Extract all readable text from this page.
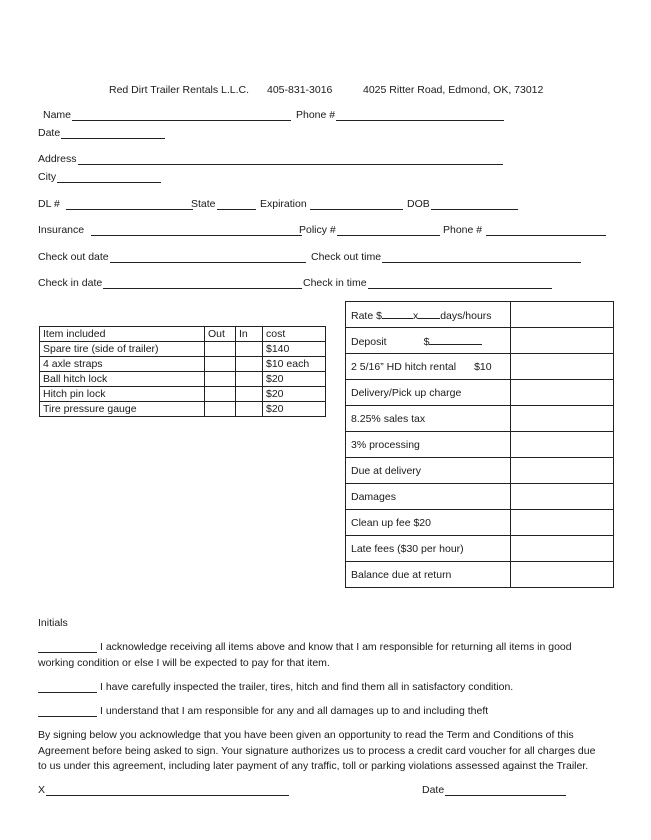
Red Dirt Trailer Rentals L.L.C. 405-831-3016	4025 Ritter Road, Edmond, OK, 73012
Name	Phone #
Date
Address
City
DL #	State	Expiration	DOB
Insurance	Policy #	Phone #
Check out date	Check out time
Check in date	Check in time
Item included	Out	In	cost
Spare tire (side of trailer)			$140
4 axle straps			$10 each
Ball hitch lock			$20
Hitch pin lock			$20
Tire pressure gauge			$20
Rate $ x days/hours	
Deposit $	
2 5/16” HD hitch rental $10	
Delivery/Pick up charge	
8.25% sales tax	
3% processing	
Due at delivery	
Damages	
Clean up fee $20	
Late fees ($30 per hour)	
Balance due at return	
Initials
I acknowledge receiving all items above and know that I am responsible for returning all items in good
working condition or else I will be expected to pay for that item.
I have carefully inspected the trailer, tires, hitch and find them all in satisfactory condition.
I understand that I am responsible for any and all damages up to and including theft
By signing below you acknowledge that you have been given an opportunity to read the Term and Conditions of this
Agreement before being asked to sign. Your signature authorizes us to process a credit card voucher for all charges due
to us under this agreement, including later payment of any traffic, toll or parking violations assessed against the Trailer.
X	Date
